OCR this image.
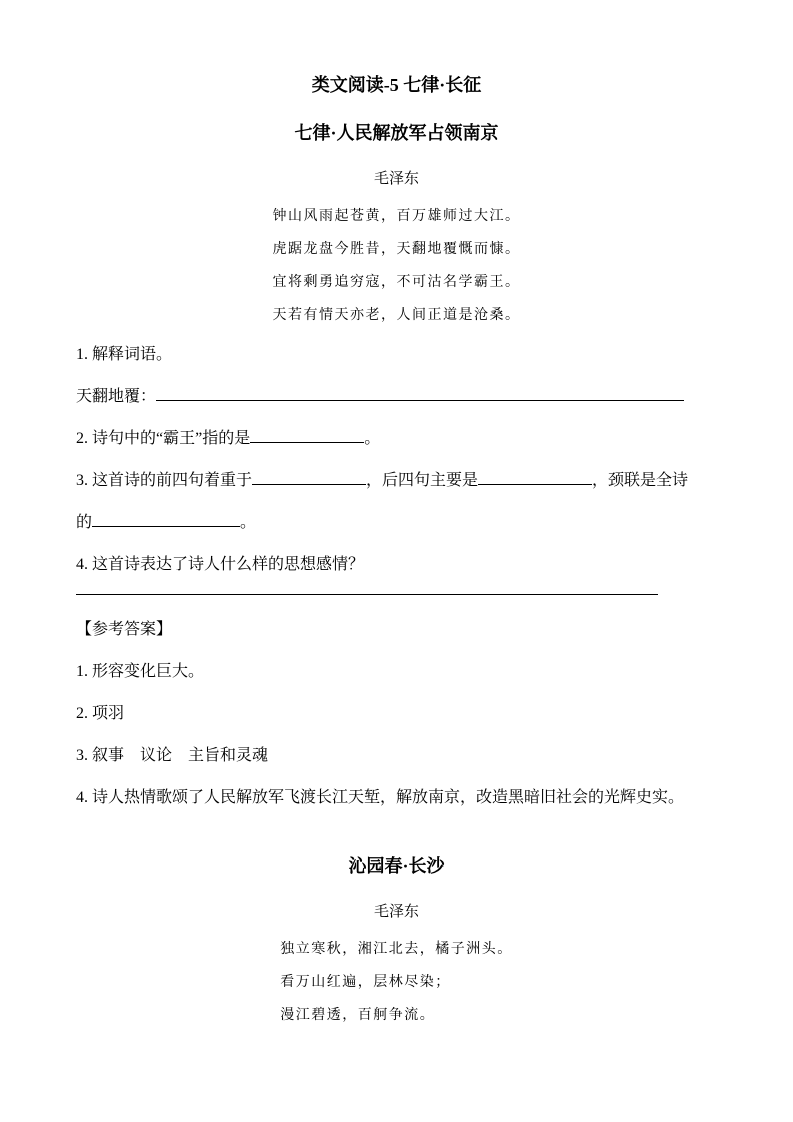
类文阅读-5 七律·长征
七律·人民解放军占领南京
毛泽东
钟山风雨起苍黄，百万雄师过大江。
虎踞龙盘今胜昔，天翻地覆慨而慷。
宜将剩勇追穷寇，不可沽名学霸王。
天若有情天亦老，人间正道是沧桑。

1. 解释词语。

天翻地覆：

2. 诗句中的“霸王”指的是	。

3. 这首诗的前四句着重于	，后四句主要是	，颈联是全诗

的	。

4. 这首诗表达了诗人什么样的思想感情？

【参考答案】

1. 形容变化巨大。

2. 项羽

3. 叙事　议论　主旨和灵魂

4. 诗人热情歌颂了人民解放军飞渡长江天堑，解放南京，改造黑暗旧社会的光辉史实。

沁园春·长沙
毛泽东
独立寒秋，湘江北去，橘子洲头。
看万山红遍，层林尽染；
漫江碧透，百舸争流。
